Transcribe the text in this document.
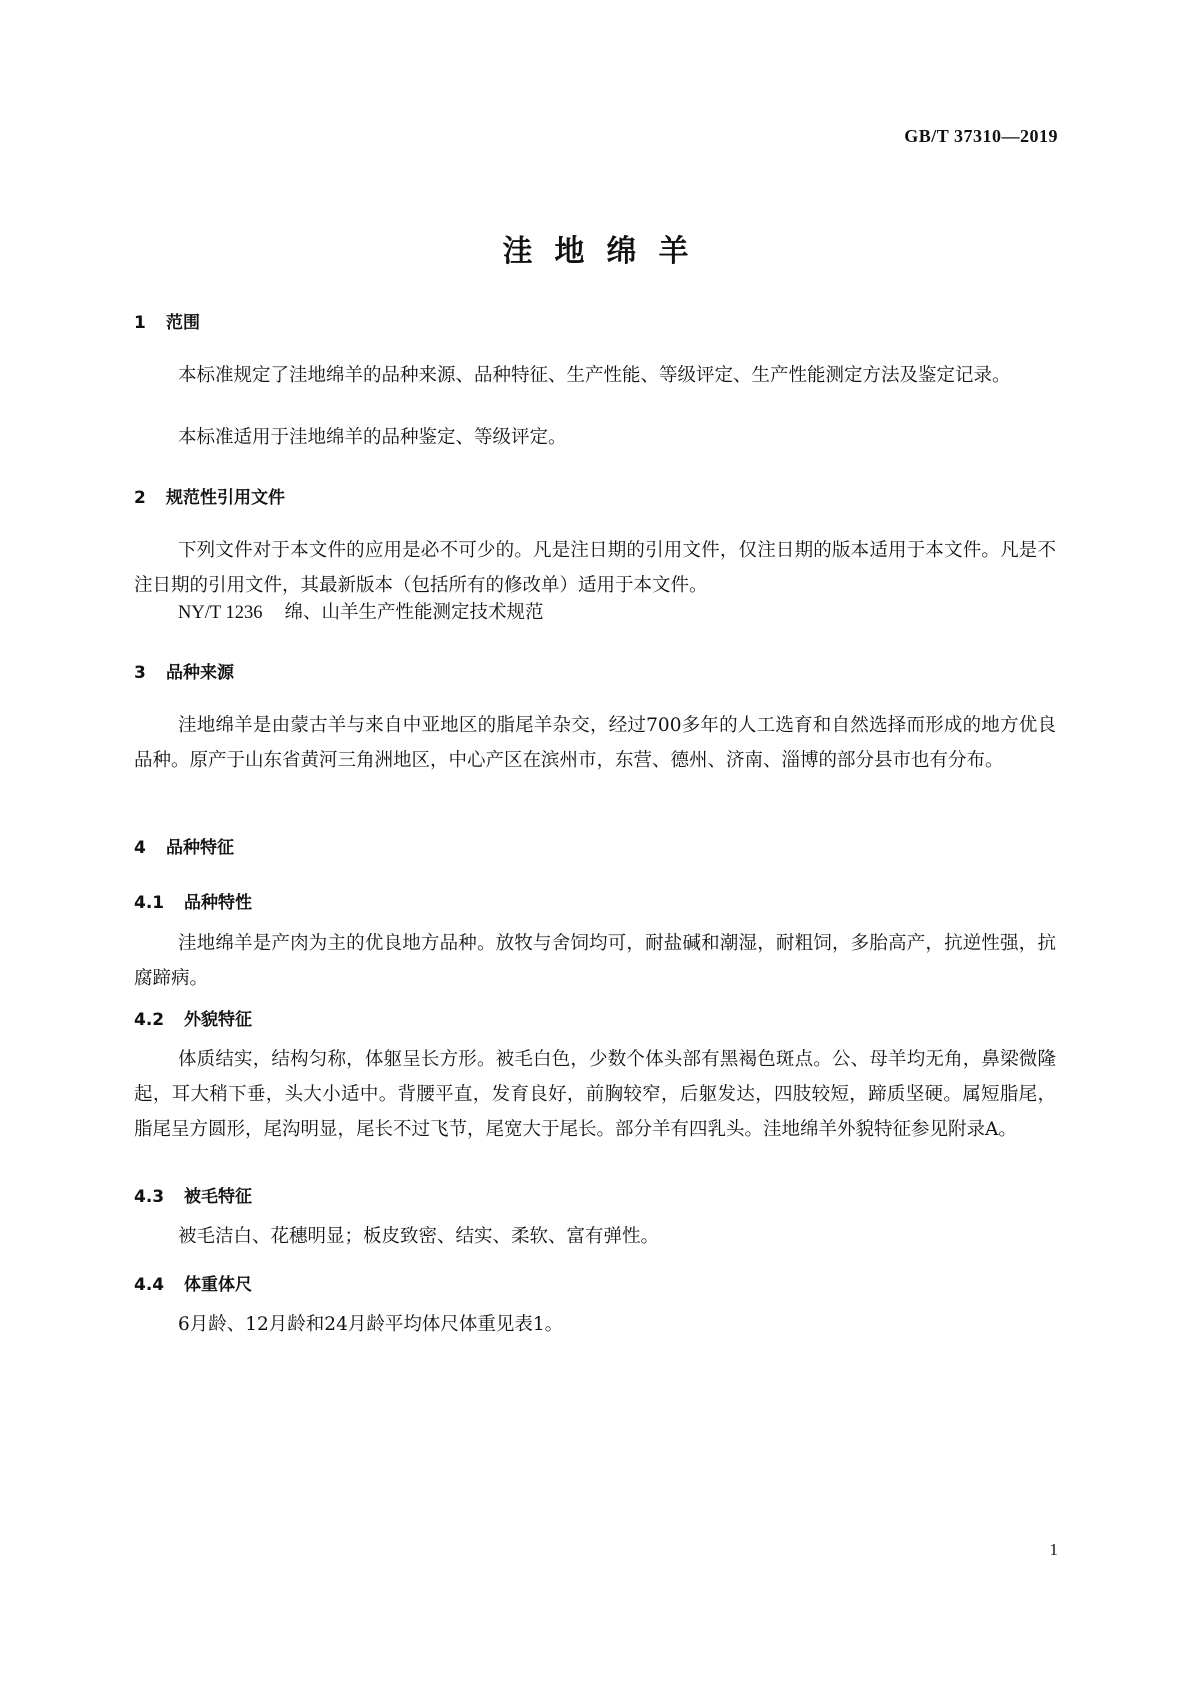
GB/T 37310—2019
洼地绵羊
1 范围
本标准规定了洼地绵羊的品种来源、品种特征、生产性能、等级评定、生产性能测定方法及鉴定记录。
本标准适用于洼地绵羊的品种鉴定、等级评定。
2 规范性引用文件
下列文件对于本文件的应用是必不可少的。凡是注日期的引用文件，仅注日期的版本适用于本文件。凡是不注日期的引用文件，其最新版本（包括所有的修改单）适用于本文件。
NY/T 1236 绵、山羊生产性能测定技术规范
3 品种来源
洼地绵羊是由蒙古羊与来自中亚地区的脂尾羊杂交，经过700多年的人工选育和自然选择而形成的地方优良品种。原产于山东省黄河三角洲地区，中心产区在滨州市，东营、德州、济南、淄博的部分县市也有分布。
4 品种特征
4.1 品种特性
洼地绵羊是产肉为主的优良地方品种。放牧与舍饲均可，耐盐碱和潮湿，耐粗饲，多胎高产，抗逆性强，抗腐蹄病。
4.2 外貌特征
体质结实，结构匀称，体躯呈长方形。被毛白色，少数个体头部有黑褐色斑点。公、母羊均无角，鼻梁微隆起，耳大稍下垂，头大小适中。背腰平直，发育良好，前胸较窄，后躯发达，四肢较短，蹄质坚硬。属短脂尾，脂尾呈方圆形，尾沟明显，尾长不过飞节，尾宽大于尾长。部分羊有四乳头。洼地绵羊外貌特征参见附录A。
4.3 被毛特征
被毛洁白、花穗明显；板皮致密、结实、柔软、富有弹性。
4.4 体重体尺
6月龄、12月龄和24月龄平均体尺体重见表1。
1
